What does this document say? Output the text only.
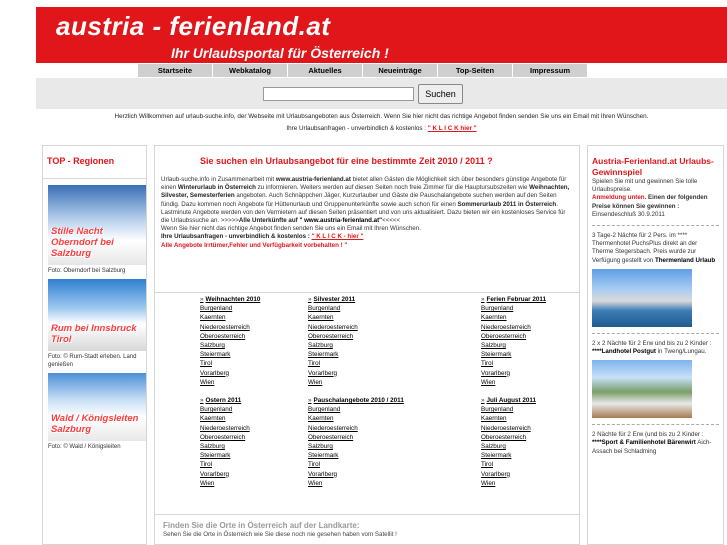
austria - ferienland.at
Ihr Urlaubsportal für Österreich !
Startseite	Webkatalog	Aktuelles	Neueinträge	Top-Seiten	Impressum
Suchen
Herzlich Willkommen auf urlaub-suche.info, der Webseite mit Urlaubsangeboten aus Österreich. Wenn Sie hier nicht das richtige Angebot finden senden Sie uns ein Email mit Ihren Wünschen.
Ihre Urlaubsanfragen - unverbindlich & kostenlos : " K L I C K hier "
TOP - Regionen
Stille Nacht Oberndorf bei Salzburg
Foto: Oberndorf bei Salzburg
Rum bei Innsbruck Tirol
Foto: © Rum-Stadt erleben. Land genießen
Wald / Königsleiten Salzburg
Foto: © Wald / Königsleiten
Sie suchen ein Urlaubsangebot für eine bestimmte Zeit 2010 / 2011 ?
Urlaub-suche.info in Zusammenarbeit mit www.austria-ferienland.at bietet allen Gästen die Möglichkeit sich über besonders günstige Angebote für einen Winterurlaub in Österreich zu informieren. Weiters werden auf diesen Seiten noch freie Zimmer für die Hauptursubszeiten wie Weihnachten, Silvester, Semesterferien angeboten. Auch Schnäppchen Jäger, Kurzurlauber und Gäste die Pauschalangebote suchen werden auf den Seiten fündig. Dazu kommen noch Angebote für Hüttenurlaub und Gruppenunterkünfte sowie auch schon für einen Sommerurlaub 2011 in Österreich. Lastminute Angebote werden von den Vermietern auf diesen Seiten präsentiert und von uns aktualisiert. Dazu bieten wir ein kostenloses Service für die Urlaubssuche an. >>>>>Alle Unterkünfte auf " www.austria-ferienland.at"<<<<<
Wenn Sie hier nicht das richtige Angebot finden senden Sie uns ein Email mit Ihren Wünschen.
Ihre Urlaubsanfragen - unverbindlich & kostenlos : " K L I C K - hier "
Alle Angebote Irrtümer,Fehler und Verfügbarkeit vorbehalten ! "
» Weihnachten 2010
Burgenland
Kaernten
Niederoesterreich
Oberoesterreich
Salzburg
Steiermark
Tirol
Vorarlberg
Wien
» Silvester 2011
Burgenland
Kaernten
Niederoesterreich
Oberoesterreich
Salzburg
Steiermark
Tirol
Vorarlberg
Wien
» Ferien Februar 2011
Burgenland
Kaernten
Niederoesterreich
Oberoesterreich
Salzburg
Steiermark
Tirol
Vorarlberg
Wien
» Ostern 2011
Burgenland
Kaernten
Niederoesterreich
Oberoesterreich
Salzburg
Steiermark
Tirol
Vorarlberg
Wien
» Pauschalangebote 2010 / 2011
Burgenland
Kaernten
Niederoesterreich
Oberoesterreich
Salzburg
Steiermark
Tirol
Vorarlberg
Wien
» Juli August 2011
Burgenland
Kaernten
Niederoesterreich
Oberoesterreich
Salzburg
Steiermark
Tirol
Vorarlberg
Wien
Finden Sie die Orte in Österreich auf der Landkarte:
Sehen Sie die Orte in Österreich wie Sie diese noch nie gesehen haben vom Satellit !
Austria-Ferienland.at Urlaubs-Gewinnspiel
Spielen Sie mit und gewinnen Sie tolle Urlaubspreise.
Anmeldung unten. Einen der folgenden Preise können Sie gewinnen :
Einsendeschluß 30.9.2011
3 Tage-2 Nächte für 2 Pers. im **** Thermenhotel PuchsPlus direkt an der Therme Stegersbach. Preis wurde zur Verfügung gestellt von Thermenland Urlaub
2 x 2 Nächte für 2 Erw und bis zu 2 Kinder : ****Landhotel Postgut in Tweng/Lungau.
2 Nächte für 2 Erw (und bis zu 2 Kinder : ****Sport & Familienhotel Bärenwirt Aich-Assach bei Schladming
